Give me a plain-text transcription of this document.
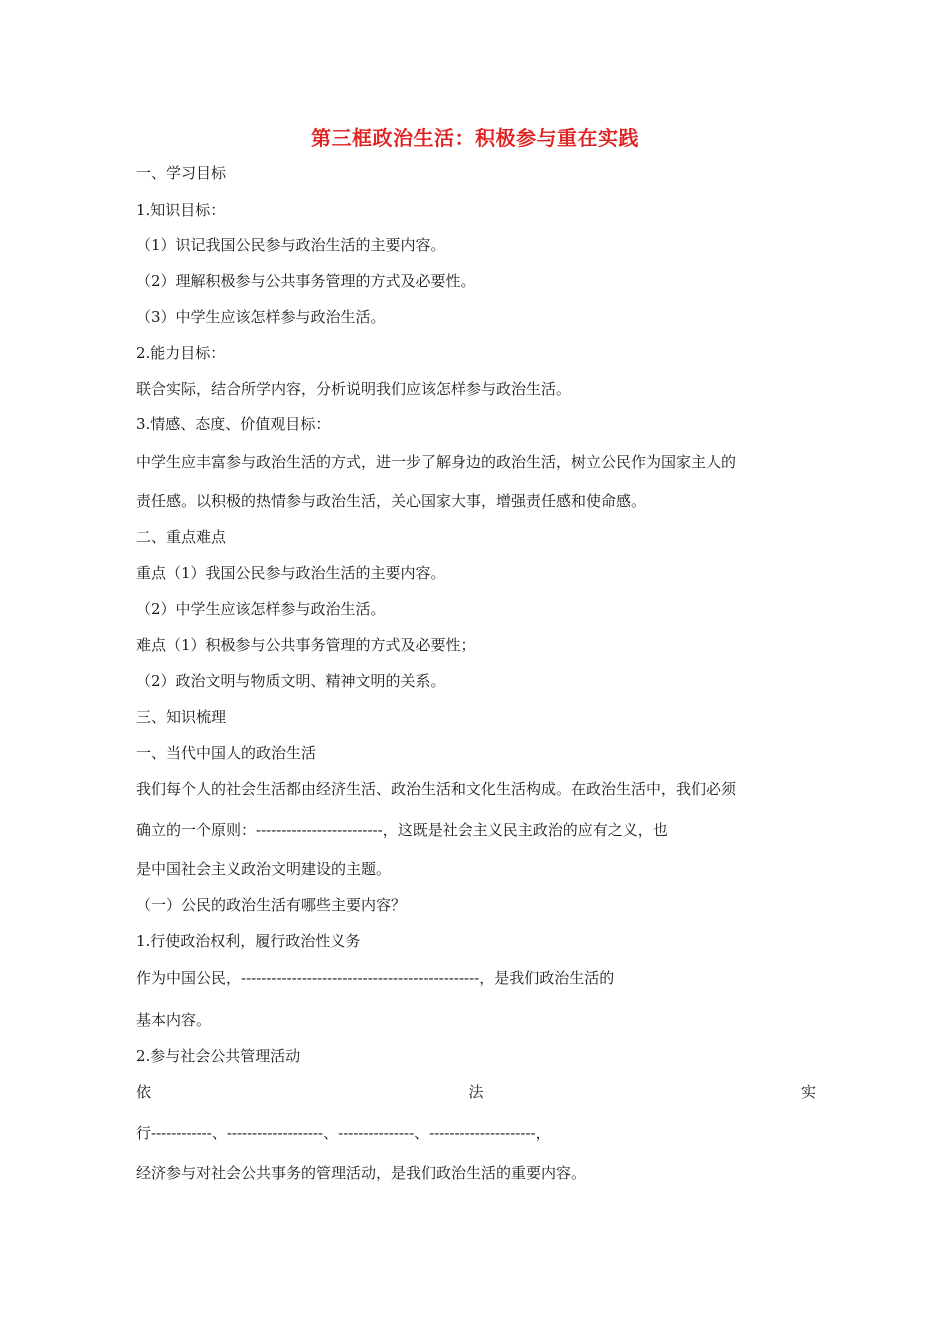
第三框政治生活：积极参与重在实践
一、学习目标
1.知识目标：
（1）识记我国公民参与政治生活的主要内容。
（2）理解积极参与公共事务管理的方式及必要性。
（3）中学生应该怎样参与政治生活。
2.能力目标：
联合实际，结合所学内容，分析说明我们应该怎样参与政治生活。
3.情感、态度、价值观目标：
中学生应丰富参与政治生活的方式，进一步了解身边的政治生活，树立公民作为国家主人的
责任感。以积极的热情参与政治生活，关心国家大事，增强责任感和使命感。
二、重点难点
重点（1）我国公民参与政治生活的主要内容。
（2）中学生应该怎样参与政治生活。
难点（1）积极参与公共事务管理的方式及必要性；
（2）政治文明与物质文明、精神文明的关系。
三、知识梳理
一、当代中国人的政治生活
我们每个人的社会生活都由经济生活、政治生活和文化生活构成。在政治生活中，我们必须
确立的一个原则：-------------------------，这既是社会主义民主政治的应有之义，也
是中国社会主义政治文明建设的主题。
（一）公民的政治生活有哪些主要内容？
1.行使政治权利，履行政治性义务
作为中国公民，-----------------------------------------------，是我们政治生活的
基本内容。
2.参与社会公共管理活动
依	法	实
行------------、-------------------、---------------、---------------------，
经济参与对社会公共事务的管理活动，是我们政治生活的重要内容。
